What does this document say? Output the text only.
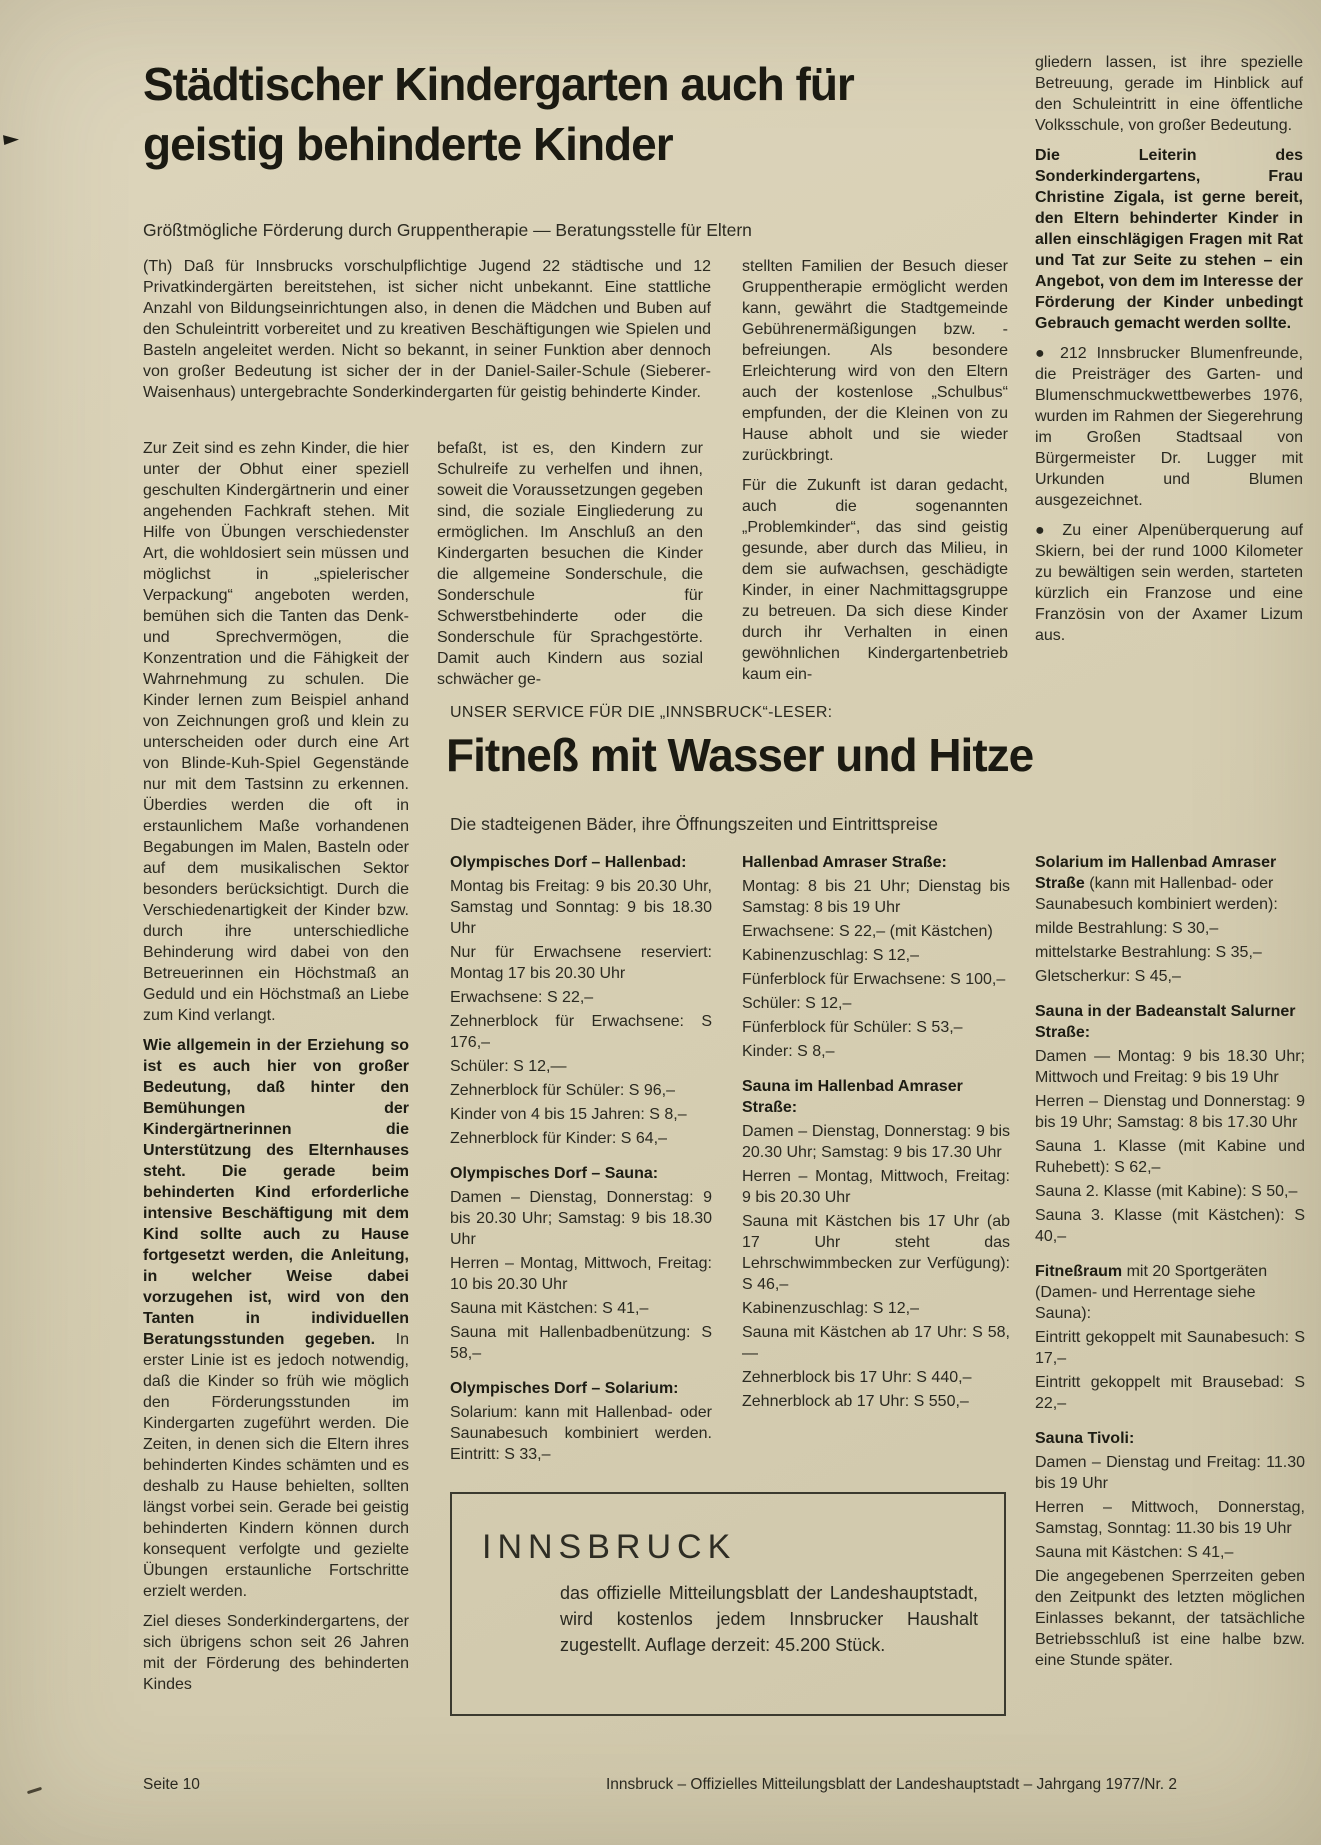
Städtischer Kindergarten auch für
geistig behinderte Kinder
Größtmögliche Förderung durch Gruppentherapie — Beratungsstelle für Eltern

(Th) Daß für Innsbrucks vorschulpflichtige Jugend 22 städtische und 12 Privatkindergärten bereitstehen, ist sicher nicht unbekannt. Eine stattliche Anzahl von Bildungseinrichtungen also, in denen die Mädchen und Buben auf den Schuleintritt vorbereitet und zu kreativen Beschäftigungen wie Spielen und Basteln angeleitet werden. Nicht so bekannt, in seiner Funktion aber dennoch von großer Bedeutung ist sicher der in der Daniel-Sailer-Schule (Sieberer-Waisenhaus) untergebrachte Sonderkindergarten für geistig behinderte Kinder.

stellten Familien der Besuch dieser Gruppentherapie ermöglicht werden kann, gewährt die Stadtgemeinde Gebührenermäßigungen bzw. -befreiungen. Als besondere Erleichterung wird von den Eltern auch der kostenlose „Schulbus“ empfunden, der die Kleinen von zu Hause abholt und sie wieder zurückbringt.

Für die Zukunft ist daran gedacht, auch die sogenannten „Problemkinder“, das sind geistig gesunde, aber durch das Milieu, in dem sie aufwachsen, geschädigte Kinder, in einer Nachmittagsgruppe zu betreuen. Da sich diese Kinder durch ihr Verhalten in einen gewöhnlichen Kindergartenbetrieb kaum ein-

gliedern lassen, ist ihre spezielle Betreuung, gerade im Hinblick auf den Schuleintritt in eine öffentliche Volksschule, von großer Bedeutung.

Die Leiterin des Sonderkindergartens, Frau Christine Zigala, ist gerne bereit, den Eltern behinderter Kinder in allen einschlägigen Fragen mit Rat und Tat zur Seite zu stehen – ein Angebot, von dem im Interesse der Förderung der Kinder unbedingt Gebrauch gemacht werden sollte.

● 212 Innsbrucker Blumenfreunde, die Preisträger des Garten- und Blumenschmuckwettbewerbes 1976, wurden im Rahmen der Siegerehrung im Großen Stadtsaal von Bürgermeister Dr. Lugger mit Urkunden und Blumen ausgezeichnet.

● Zu einer Alpenüberquerung auf Skiern, bei der rund 1000 Kilometer zu bewältigen sein werden, starteten kürzlich ein Franzose und eine Französin von der Axamer Lizum aus.

Zur Zeit sind es zehn Kinder, die hier unter der Obhut einer speziell geschulten Kindergärtnerin und einer angehenden Fachkraft stehen. Mit Hilfe von Übungen verschiedenster Art, die wohldosiert sein müssen und möglichst in „spielerischer Verpackung“ angeboten werden, bemühen sich die Tanten das Denk- und Sprechvermögen, die Konzentration und die Fähigkeit der Wahrnehmung zu schulen. Die Kinder lernen zum Beispiel anhand von Zeichnungen groß und klein zu unterscheiden oder durch eine Art von Blinde-Kuh-Spiel Gegenstände nur mit dem Tastsinn zu erkennen. Überdies werden die oft in erstaunlichem Maße vorhandenen Begabungen im Malen, Basteln oder auf dem musikalischen Sektor besonders berücksichtigt. Durch die Verschiedenartigkeit der Kinder bzw. durch ihre unterschiedliche Behinderung wird dabei von den Betreuerinnen ein Höchstmaß an Geduld und ein Höchstmaß an Liebe zum Kind verlangt.

Wie allgemein in der Erziehung so ist es auch hier von großer Bedeutung, daß hinter den Bemühungen der Kindergärtnerinnen die Unterstützung des Elternhauses steht. Die gerade beim behinderten Kind erforderliche intensive Beschäftigung mit dem Kind sollte auch zu Hause fortgesetzt werden, die Anleitung, in welcher Weise dabei vorzugehen ist, wird von den Tanten in individuellen Beratungsstunden gegeben. In erster Linie ist es jedoch notwendig, daß die Kinder so früh wie möglich den Förderungsstunden im Kindergarten zugeführt werden. Die Zeiten, in denen sich die Eltern ihres behinderten Kindes schämten und es deshalb zu Hause behielten, sollten längst vorbei sein. Gerade bei geistig behinderten Kindern können durch konsequent verfolgte und gezielte Übungen erstaunliche Fortschritte erzielt werden.

Ziel dieses Sonderkindergartens, der sich übrigens schon seit 26 Jahren mit der Förderung des behinderten Kindes

befaßt, ist es, den Kindern zur Schulreife zu verhelfen und ihnen, soweit die Voraussetzungen gegeben sind, die soziale Eingliederung zu ermöglichen. Im Anschluß an den Kindergarten besuchen die Kinder die allgemeine Sonderschule, die Sonderschule für Schwerstbehinderte oder die Sonderschule für Sprachgestörte. Damit auch Kindern aus sozial schwächer ge-

UNSER SERVICE FÜR DIE „INNSBRUCK“-LESER:
Fitneß mit Wasser und Hitze
Die stadteigenen Bäder, ihre Öffnungszeiten und Eintrittspreise
Olympisches Dorf – Hallenbad:
Montag bis Freitag: 9 bis 20.30 Uhr, Samstag und Sonntag: 9 bis 18.30 Uhr
Nur für Erwachsene reserviert: Montag 17 bis 20.30 Uhr
Erwachsene: S 22,–
Zehnerblock für Erwachsene: S 176,–
Schüler: S 12,—
Zehnerblock für Schüler: S 96,–
Kinder von 4 bis 15 Jahren: S 8,–
Zehnerblock für Kinder: S 64,–
Olympisches Dorf – Sauna:
Damen – Dienstag, Donnerstag: 9 bis 20.30 Uhr; Samstag: 9 bis 18.30 Uhr
Herren – Montag, Mittwoch, Freitag: 10 bis 20.30 Uhr
Sauna mit Kästchen: S 41,–
Sauna mit Hallenbadbenützung: S 58,–
Olympisches Dorf – Solarium:
Solarium: kann mit Hallenbad- oder Saunabesuch kombiniert werden. Eintritt: S 33,–
Hallenbad Amraser Straße:
Montag: 8 bis 21 Uhr; Dienstag bis Samstag: 8 bis 19 Uhr
Erwachsene: S 22,– (mit Kästchen)
Kabinenzuschlag: S 12,–
Fünferblock für Erwachsene: S 100,–
Schüler: S 12,–
Fünferblock für Schüler: S 53,–
Kinder: S 8,–
Sauna im Hallenbad Amraser Straße:
Damen – Dienstag, Donnerstag: 9 bis 20.30 Uhr; Samstag: 9 bis 17.30 Uhr
Herren – Montag, Mittwoch, Freitag: 9 bis 20.30 Uhr
Sauna mit Kästchen bis 17 Uhr (ab 17 Uhr steht das Lehrschwimmbecken zur Verfügung): S 46,–
Kabinenzuschlag: S 12,–
Sauna mit Kästchen ab 17 Uhr: S 58,—
Zehnerblock bis 17 Uhr: S 440,–
Zehnerblock ab 17 Uhr: S 550,–
Solarium im Hallenbad Amraser Straße (kann mit Hallenbad- oder Saunabesuch kombiniert werden):
milde Bestrahlung: S 30,–
mittelstarke Bestrahlung: S 35,–
Gletscherkur: S 45,–
Sauna in der Badeanstalt Salurner Straße:
Damen — Montag: 9 bis 18.30 Uhr; Mittwoch und Freitag: 9 bis 19 Uhr
Herren – Dienstag und Donnerstag: 9 bis 19 Uhr; Samstag: 8 bis 17.30 Uhr
Sauna 1. Klasse (mit Kabine und Ruhebett): S 62,–
Sauna 2. Klasse (mit Kabine): S 50,–
Sauna 3. Klasse (mit Kästchen): S 40,–
Fitneßraum mit 20 Sportgeräten (Damen- und Herrentage siehe Sauna):
Eintritt gekoppelt mit Saunabesuch: S 17,–
Eintritt gekoppelt mit Brausebad: S 22,–
Sauna Tivoli:
Damen – Dienstag und Freitag: 11.30 bis 19 Uhr
Herren – Mittwoch, Donnerstag, Samstag, Sonntag: 11.30 bis 19 Uhr
Sauna mit Kästchen: S 41,–
Die angegebenen Sperrzeiten geben den Zeitpunkt des letzten möglichen Einlasses bekannt, der tatsächliche Betriebsschluß ist eine halbe bzw. eine Stunde später.
INNSBRUCK
das offizielle Mitteilungsblatt der Landeshauptstadt, wird kostenlos jedem Innsbrucker Haushalt zugestellt. Auflage derzeit: 45.200 Stück.
Seite 10	Innsbruck – Offizielles Mitteilungsblatt der Landeshauptstadt – Jahrgang 1977/Nr. 2
